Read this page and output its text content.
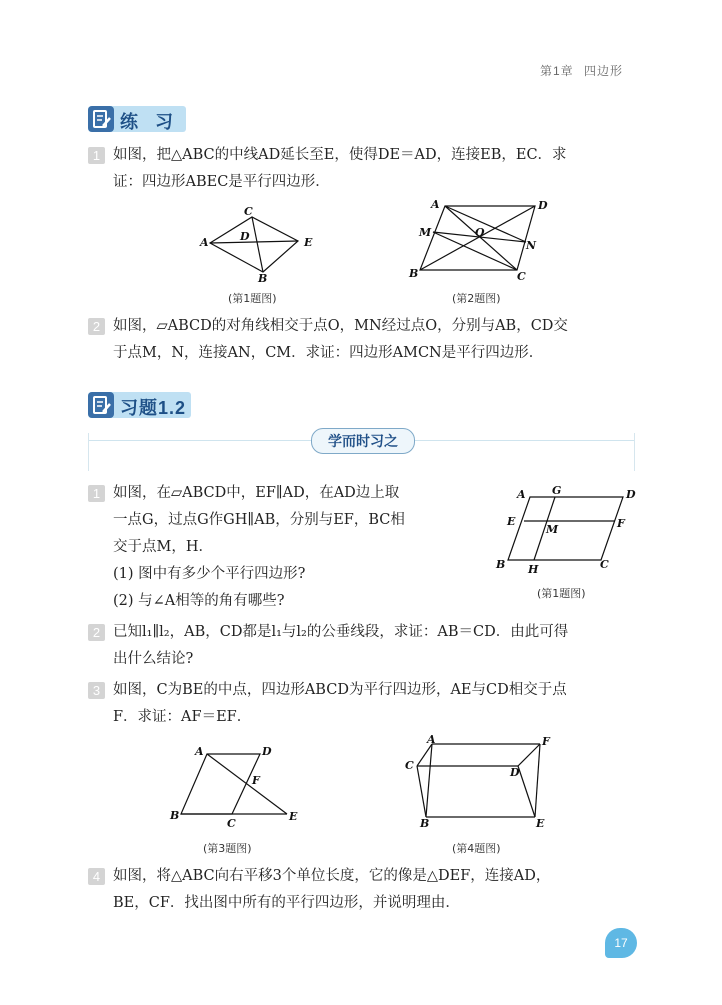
第1章 四边形
练 习
1 如图，把△ABC的中线AD延长至E，使得DE＝AD，连接EB，EC．求
证：四边形ABEC是平行四边形．
A
B
C
D	E
(第1题图)
A
B	C
D
M
N
O
(第2题图)
2 如图，▱ABCD的对角线相交于点O，MN经过点O，分别与AB，CD交
于点M，N，连接AN，CM．求证：四边形AMCN是平行四边形．
习题1.2
学而时习之
1 如图，在▱ABCD中，EF∥AD，在AD边上取
一点G，过点G作GH∥AB，分别与EF，BC相
交于点M，H．
(1) 图中有多少个平行四边形?
(2) 与∠A相等的角有哪些?
A
B	C
D
E	F
G
H
M
(第1题图)
2 已知l₁∥l₂，AB，CD都是l₁与l₂的公垂线段，求证：AB＝CD．由此可得
出什么结论?
3 如图，C为BE的中点，四边形ABCD为平行四边形，AE与CD相交于点
F．求证：AF＝EF．
A
B
C
D
E
F
(第3题图)
A
B
C
D
E
F
(第4题图)
4 如图，将△ABC向右平移3个单位长度，它的像是△DEF，连接AD，
BE，CF．找出图中所有的平行四边形，并说明理由．
17
